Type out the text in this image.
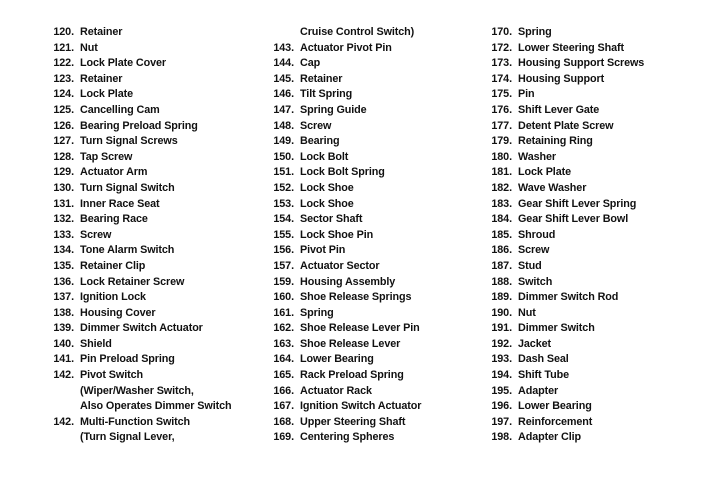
120. Retainer
121. Nut
122. Lock Plate Cover
123. Retainer
124. Lock Plate
125. Cancelling Cam
126. Bearing Preload Spring
127. Turn Signal Screws
128. Tap Screw
129. Actuator Arm
130. Turn Signal Switch
131. Inner Race Seat
132. Bearing Race
133. Screw
134. Tone Alarm Switch
135. Retainer Clip
136. Lock Retainer Screw
137. Ignition Lock
138. Housing Cover
139. Dimmer Switch Actuator
140. Shield
141. Pin Preload Spring
142. Pivot Switch
(Wiper/Washer Switch,
Also Operates Dimmer Switch
142. Multi-Function Switch
(Turn Signal Lever,
Cruise Control Switch)
143. Actuator Pivot Pin
144. Cap
145. Retainer
146. Tilt Spring
147. Spring Guide
148. Screw
149. Bearing
150. Lock Bolt
151. Lock Bolt Spring
152. Lock Shoe
153. Lock Shoe
154. Sector Shaft
155. Lock Shoe Pin
156. Pivot Pin
157. Actuator Sector
159. Housing Assembly
160. Shoe Release Springs
161. Spring
162. Shoe Release Lever Pin
163. Shoe Release Lever
164. Lower Bearing
165. Rack Preload Spring
166. Actuator Rack
167. Ignition Switch Actuator
168. Upper Steering Shaft
169. Centering Spheres
170. Spring
172. Lower Steering Shaft
173. Housing Support Screws
174. Housing Support
175. Pin
176. Shift Lever Gate
177. Detent Plate Screw
179. Retaining Ring
180. Washer
181. Lock Plate
182. Wave Washer
183. Gear Shift Lever Spring
184. Gear Shift Lever Bowl
185. Shroud
186. Screw
187. Stud
188. Switch
189. Dimmer Switch Rod
190. Nut
191. Dimmer Switch
192. Jacket
193. Dash Seal
194. Shift Tube
195. Adapter
196. Lower Bearing
197. Reinforcement
198. Adapter Clip
